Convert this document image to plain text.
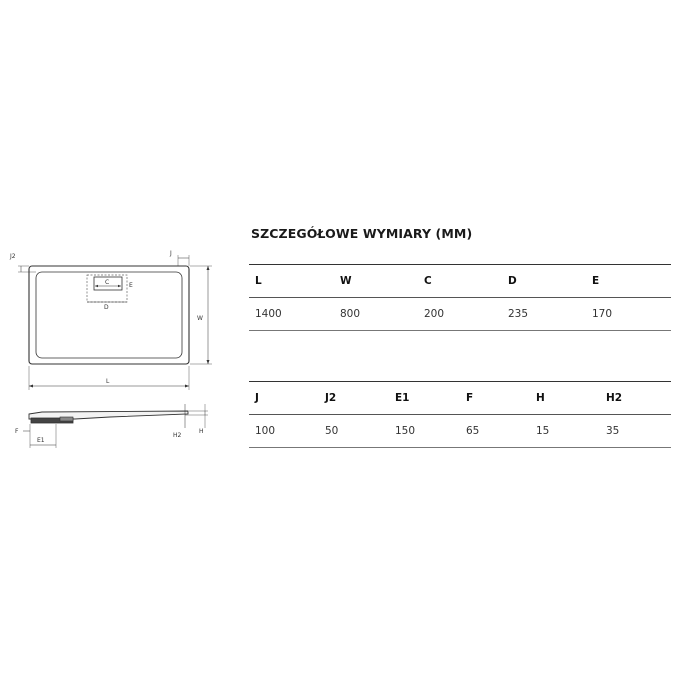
J2	J
C	E
D
L
W
F
E1
H
H2
SZCZEGÓŁOWE WYMIARY (MM)
L	W	C	D	E
1400	800	200	235	170
J	J2	E1	F	H	H2
100	50	150	65	15	35
